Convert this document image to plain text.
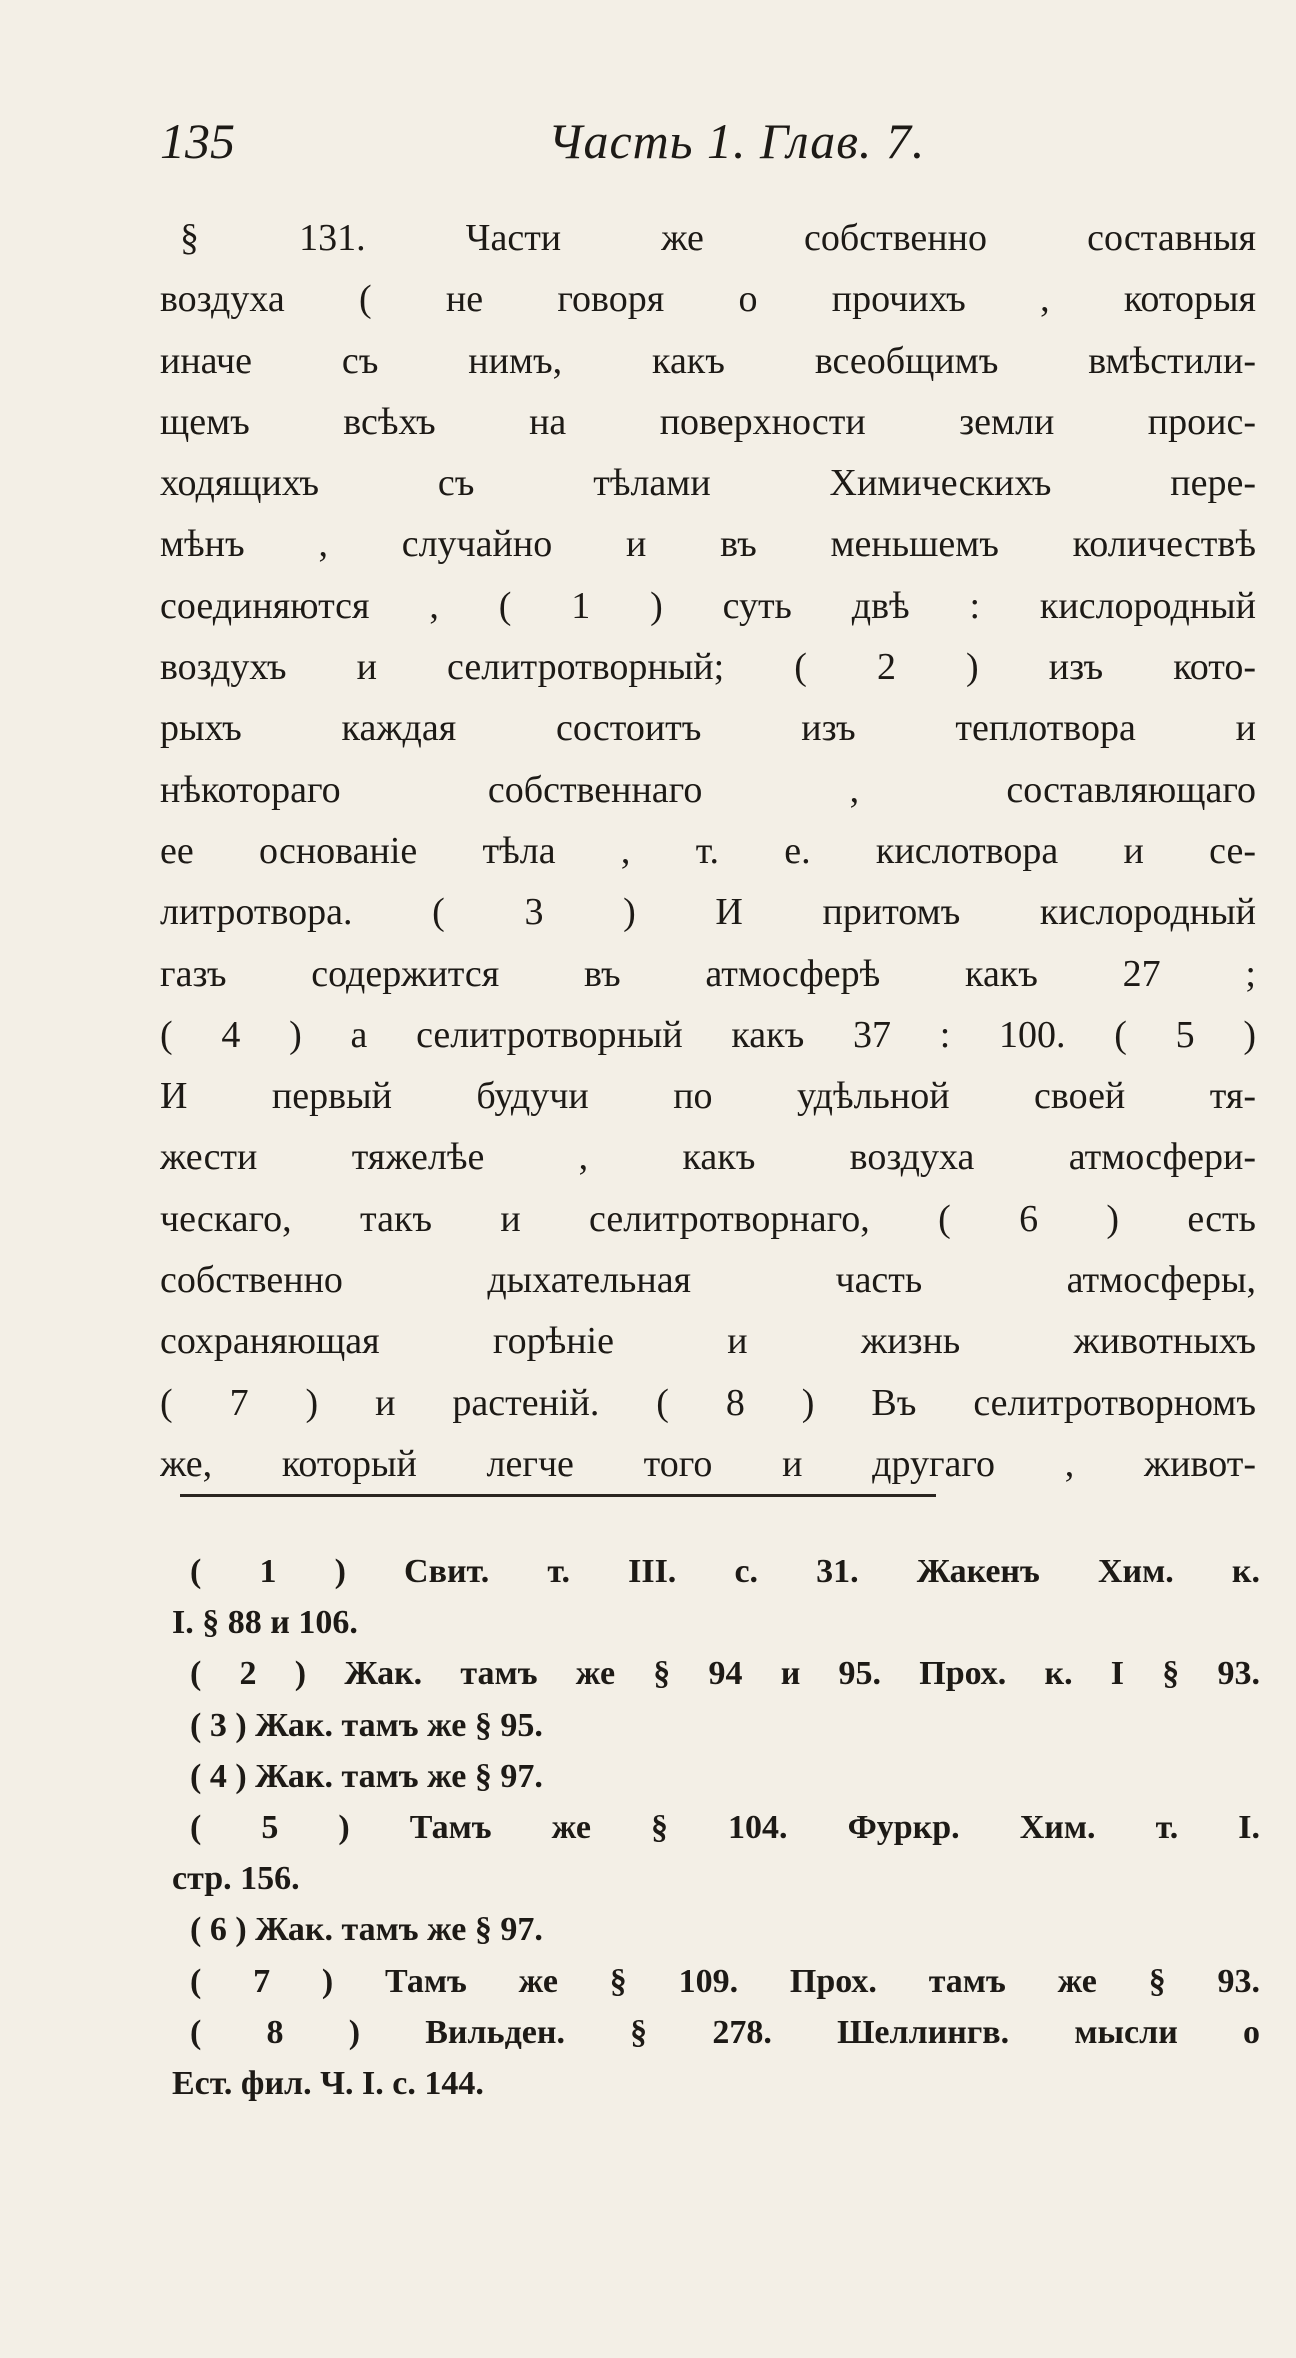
135	Часть 1. Глав. 7.
§ 131. Части же собственно составныя
воздуха ( не говоря о прочихъ , которыя
иначе съ нимъ, какъ всеобщимъ вмѣстили-
щемъ всѣхъ на поверхности земли проис-
ходящихъ съ тѣлами Химическихъ пере-
мѣнъ , случайно и въ меньшемъ количествѣ
соединяются , ( 1 ) суть двѣ : кислородный
воздухъ и селитротворный; ( 2 ) изъ кото-
рыхъ каждая состоитъ изъ теплотвора и
нѣкотораго собственнаго , составляющаго
ее основаніе тѣла , т. е. кислотвора и се-
литротвора. ( 3 ) И притомъ кислородный
газъ содержится въ атмосферѣ какъ 27 ;
( 4 ) а селитротворный какъ 37 : 100. ( 5 )
И первый будучи по удѣльной своей тя-
жести тяжелѣе , какъ воздуха атмосфери-
ческаго, такъ и селитротворнаго, ( 6 ) есть
собственно дыхательная часть атмосферы,
сохраняющая горѣніе и жизнь животныхъ
( 7 ) и растеній. ( 8 ) Въ селитротворномъ
же, который легче того и другаго , живот-
( 1 ) Свит. т. III. с. 31. Жакенъ Хим. к.
I. § 88 и 106.
( 2 ) Жак. тамъ же § 94 и 95. Прох. к. I § 93.
( 3 ) Жак. тамъ же § 95.
( 4 ) Жак. тамъ же § 97.
( 5 ) Тамъ же § 104. Фуркр. Хим. т. I.
стр. 156.
( 6 ) Жак. тамъ же § 97.
( 7 ) Тамъ же § 109. Прох. тамъ же § 93.
( 8 ) Вильден. § 278. Шеллингв. мысли о
Ест. фил. Ч. I. с. 144.
